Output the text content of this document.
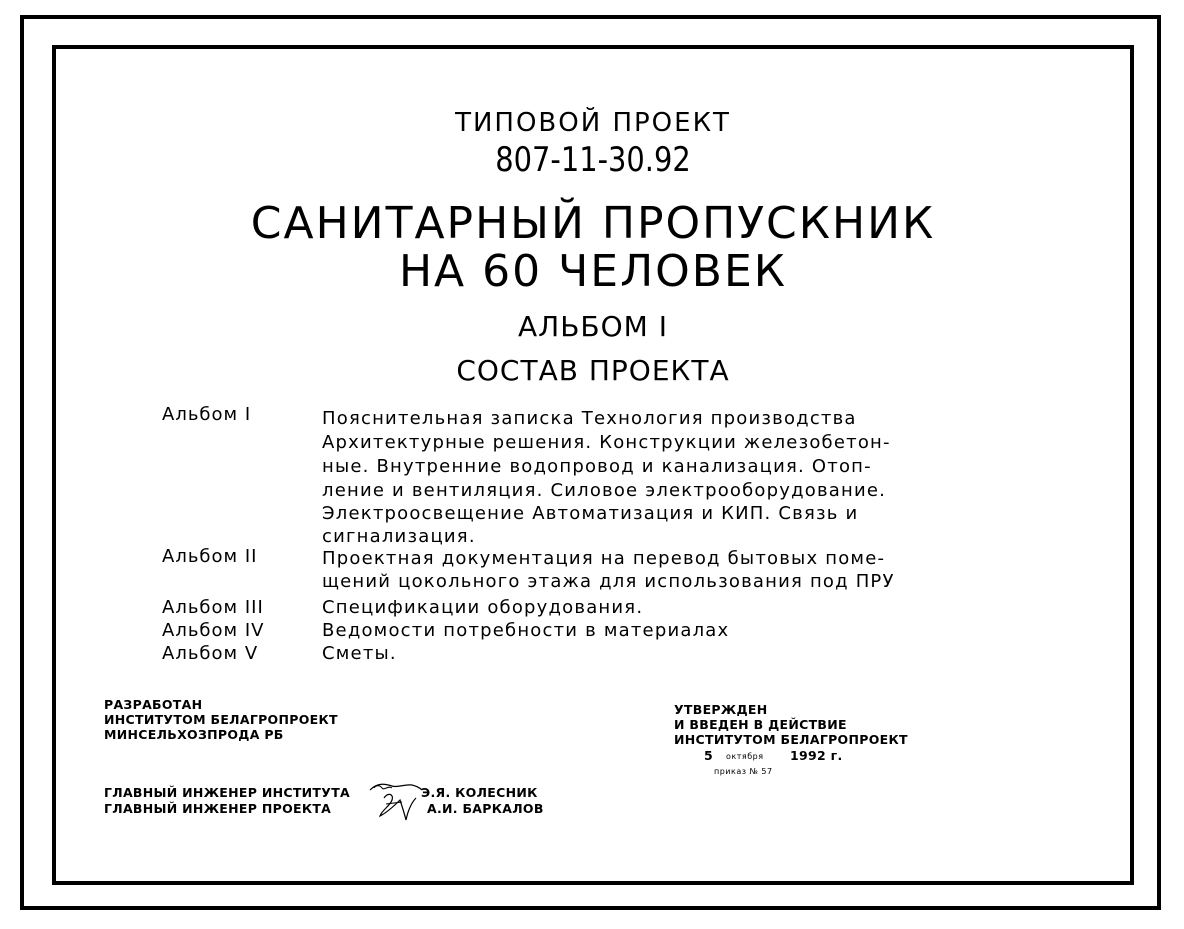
ТИПОВОЙ ПРОЕКТ
807-11-30.92
САНИТАРНЫЙ ПРОПУСКНИК
НА 60 ЧЕЛОВЕК
АЛЬБОМ I
СОСТАВ ПРОЕКТА
Альбом I	Пояснительная записка Технология производства
Архитектурные решения. Конструкции железобетон-
ные. Внутренние водопровод и канализация. Отоп-
ление и вентиляция. Силовое электрооборудование.
Электроосвещение Автоматизация и КИП. Связь и
сигнализация.
Альбом II	Проектная документация на перевод бытовых поме-
щений цокольного этажа для использования под ПРУ
Альбом III	Спецификации оборудования.
Альбом IV	Ведомости потребности в материалах
Альбом V	Сметы.
РАЗРАБОТАН
ИНСТИТУТОМ БЕЛАГРОПРОЕКТ
МИНСЕЛЬХОЗПРОДА РБ
УТВЕРЖДЕН
И ВВЕДЕН В ДЕЙСТВИЕ
ИНСТИТУТОМ БЕЛАГРОПРОЕКТ
5 октября 1992 г.
приказ № 57
ГЛАВНЫЙ ИНЖЕНЕР ИНСТИТУТА	Э.Я. КОЛЕСНИК
ГЛАВНЫЙ ИНЖЕНЕР ПРОЕКТА	А.И. БАРКАЛОВ
